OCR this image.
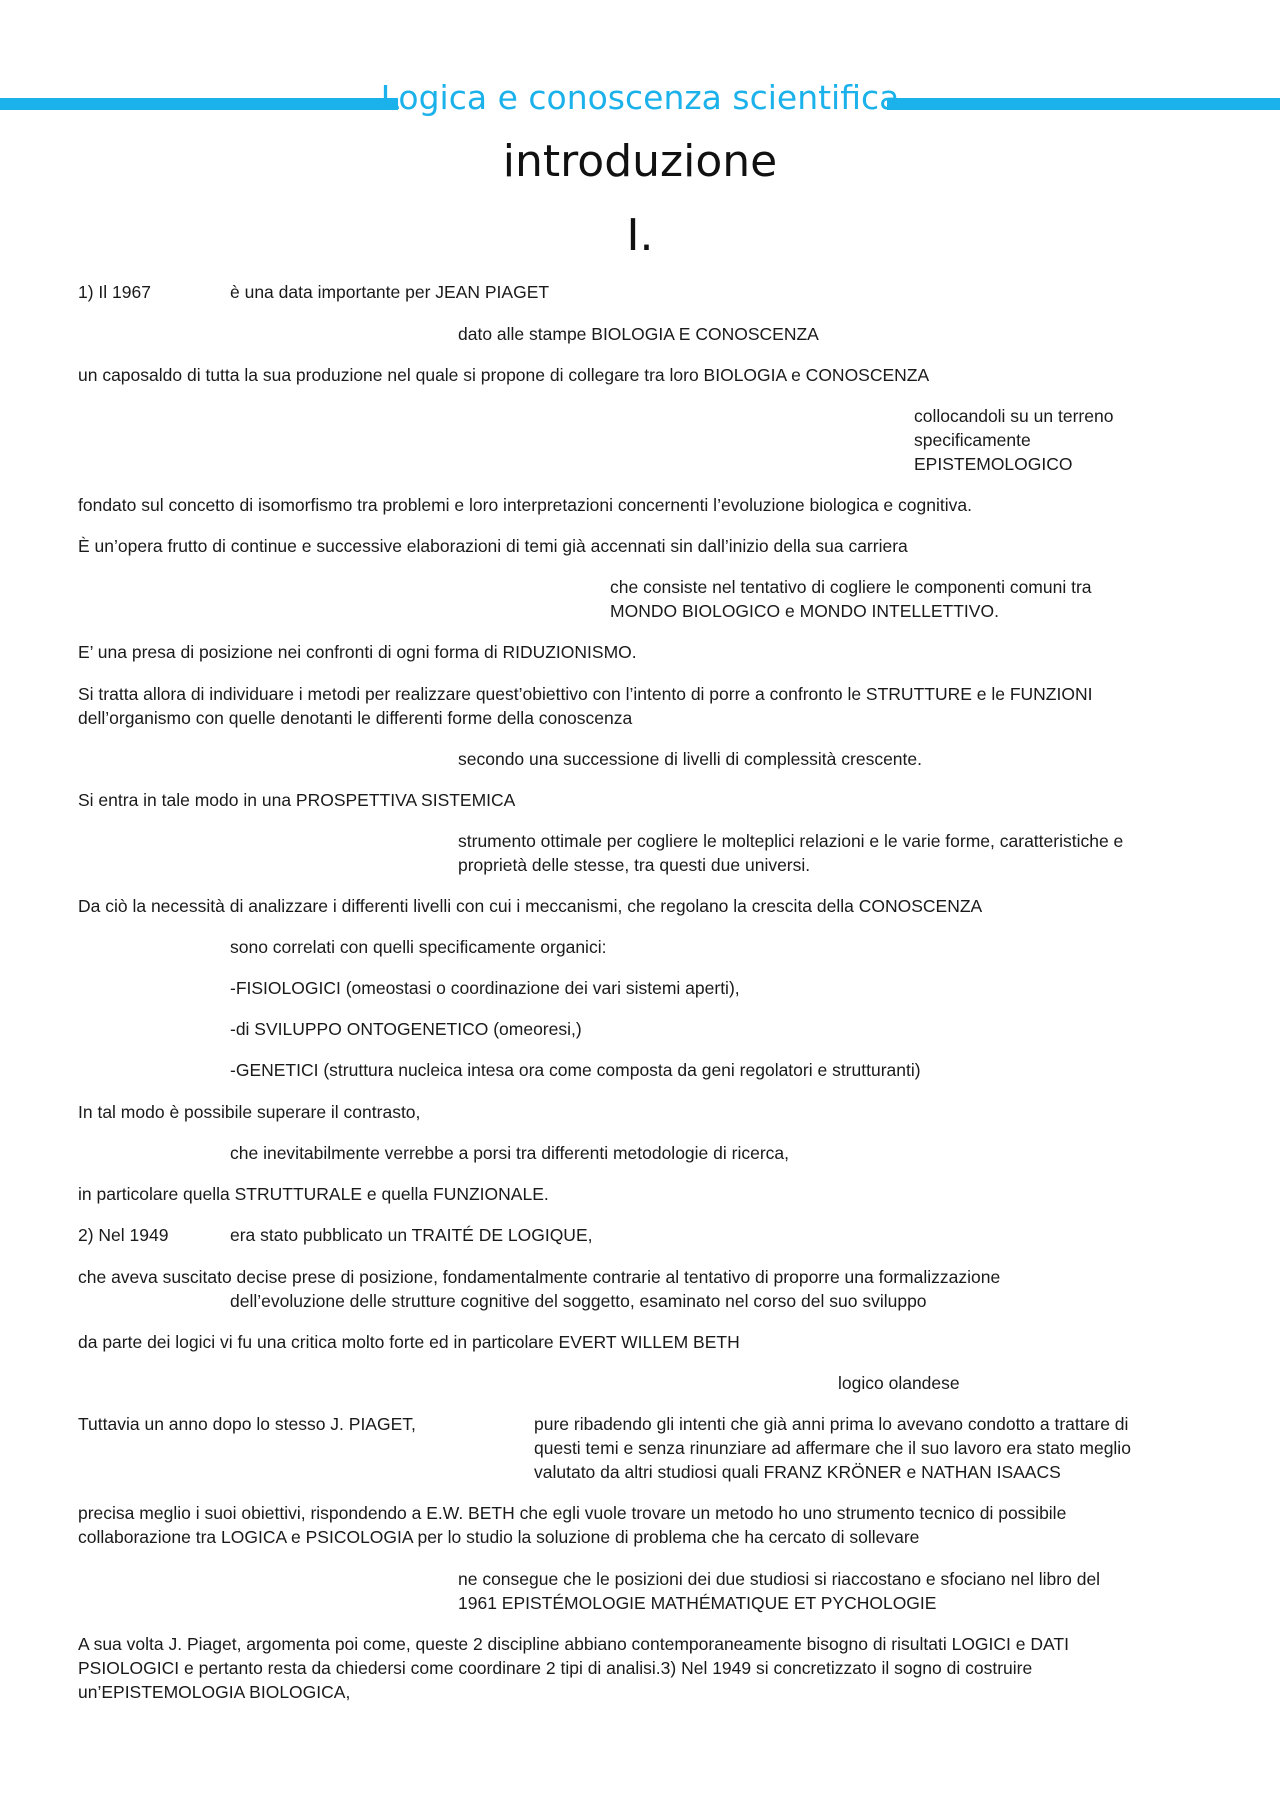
Logica e conoscenza scientifica
introduzione
I.
1) Il 1967	è una data importante per JEAN PIAGET
dato alle stampe BIOLOGIA E CONOSCENZA
un caposaldo di tutta la sua produzione nel quale si propone di collegare tra loro BIOLOGIA e CONOSCENZA
collocandoli su un terreno
specificamente
EPISTEMOLOGICO
fondato sul concetto di isomorfismo tra problemi e loro interpretazioni concernenti l’evoluzione biologica e cognitiva.
È un’opera frutto di continue e successive elaborazioni di temi già accennati sin dall’inizio della sua carriera
che consiste nel tentativo di cogliere le componenti comuni tra
MONDO BIOLOGICO e MONDO INTELLETTIVO.
E’ una presa di posizione nei confronti di ogni forma di RIDUZIONISMO.
Si tratta allora di individuare i metodi per realizzare quest’obiettivo con l’intento di porre a confronto le STRUTTURE e le FUNZIONI
dell’organismo con quelle denotanti le differenti forme della conoscenza
secondo una successione di livelli di complessità crescente.
Si entra in tale modo in una PROSPETTIVA SISTEMICA
strumento ottimale per cogliere le molteplici relazioni e le varie forme, caratteristiche e
proprietà delle stesse, tra questi due universi.
Da ciò la necessità di analizzare i differenti livelli con cui i meccanismi, che regolano la crescita della CONOSCENZA
sono correlati con quelli specificamente organici:
-FISIOLOGICI (omeostasi o coordinazione dei vari sistemi aperti),
-di SVILUPPO ONTOGENETICO (omeoresi,)
-GENETICI (struttura nucleica intesa ora come composta da geni regolatori e strutturanti)
In tal modo è possibile superare il contrasto,
che inevitabilmente verrebbe a porsi tra differenti metodologie di ricerca,
in particolare quella STRUTTURALE e quella FUNZIONALE.
2) Nel 1949	era stato pubblicato un TRAITÉ DE LOGIQUE,
che aveva suscitato decise prese di posizione, fondamentalmente contrarie al tentativo di proporre una formalizzazione
dell’evoluzione delle strutture cognitive del soggetto, esaminato nel corso del suo sviluppo
da parte dei logici vi fu una critica molto forte ed in particolare EVERT WILLEM BETH
logico olandese
Tuttavia un anno dopo lo stesso J. PIAGET,	pure ribadendo gli intenti che già anni prima lo avevano condotto a trattare di
questi temi e senza rinunziare ad affermare che il suo lavoro era stato meglio
valutato da altri studiosi quali FRANZ KRÖNER e NATHAN ISAACS
precisa meglio i suoi obiettivi, rispondendo a E.W. BETH che egli vuole trovare un metodo ho uno strumento tecnico di possibile
collaborazione tra LOGICA e PSICOLOGIA per lo studio la soluzione di problema che ha cercato di sollevare
ne consegue che le posizioni dei due studiosi si riaccostano e sfociano nel libro del
1961 EPISTÉMOLOGIE MATHÉMATIQUE ET PYCHOLOGIE
A sua volta J. Piaget, argomenta poi come, queste 2 discipline abbiano contemporaneamente bisogno di risultati LOGICI e DATI
PSIOLOGICI e pertanto resta da chiedersi come coordinare 2 tipi di analisi.3) Nel 1949 si concretizzato il sogno di costruire
un’EPISTEMOLOGIA BIOLOGICA,
